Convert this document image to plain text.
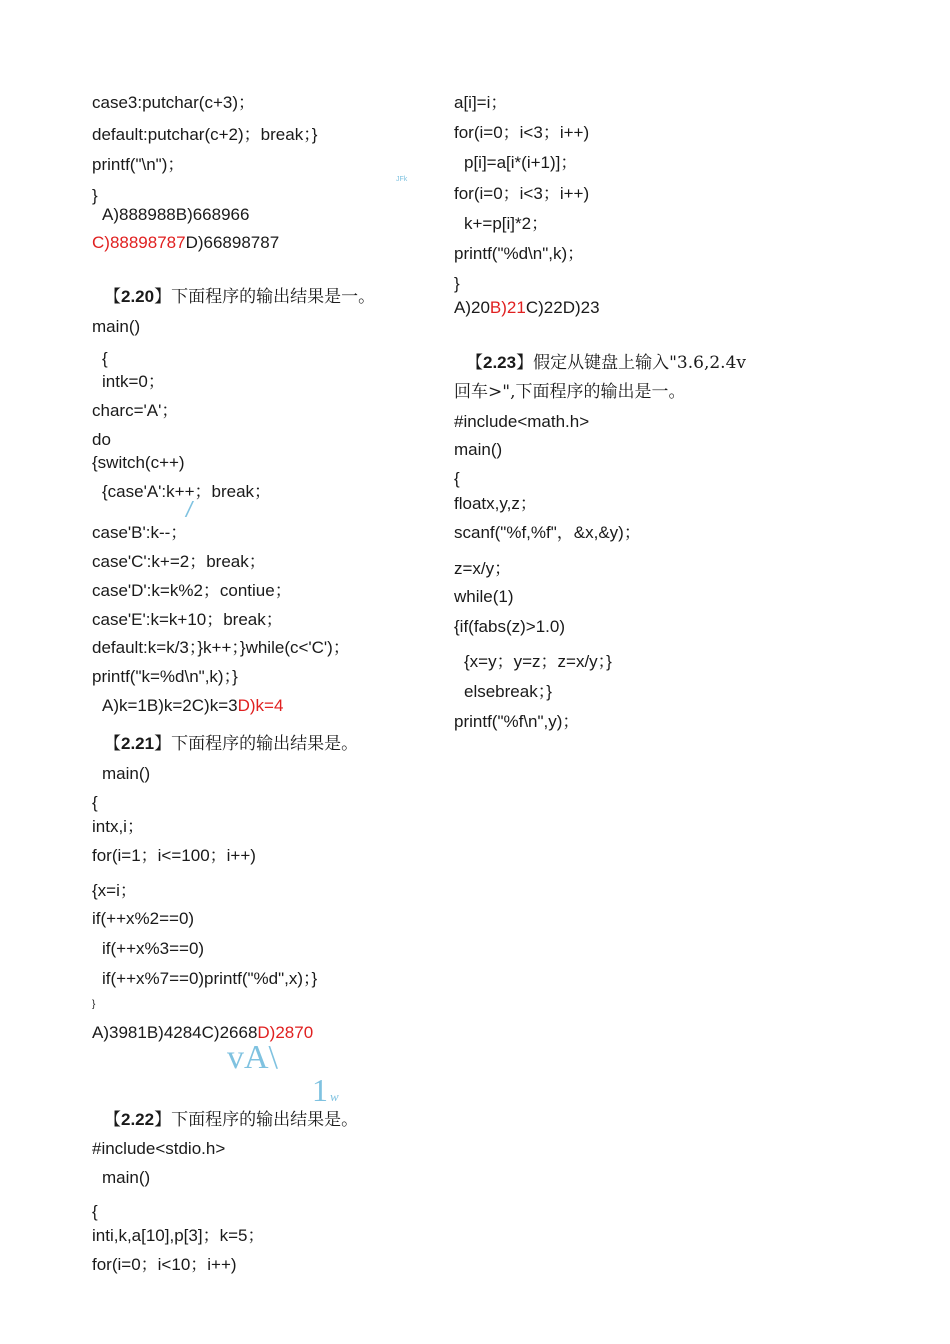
case3:putchar(c+3)；
default:putchar(c+2)；break；}
printf("\n")；
}
A)888988B)668966
C)88898787D)66898787
【2.20】下面程序的输出结果是一。
main()
{
intk=0；
charc='A'；
do
{switch(c++)
{case'A':k++；break；
case'B':k--；
case'C':k+=2；break；
case'D':k=k%2；contiue；
case'E':k=k+10；break；
default:k=k/3；}k++；}while(c<'C')；
printf("k=%d\n",k)；}
A)k=1B)k=2C)k=3D)k=4
【2.21】下面程序的输出结果是。
main()
{
intx,i；
for(i=1；i<=100；i++)
{x=i；
if(++x%2==0)
if(++x%3==0)
if(++x%7==0)printf("%d",x)；}
}
A)3981B)4284C)2668D)2870
【2.22】下面程序的输出结果是。
#include<stdio.h>
main()
{
inti,k,a[10],p[3]；k=5；
for(i=0；i<10；i++)
a[i]=i；
for(i=0；i<3；i++)
p[i]=a[i*(i+1)]；
for(i=0；i<3；i++)
k+=p[i]*2；
printf("%d\n",k)；
}
A)20B)21C)22D)23
【2.23】假定从键盘上输入"3.6,2.4v
回车>",下面程序的输出是一。
#include<math.h>
main()
{
floatx,y,z；
scanf("%f,%f"，&x,&y)；
z=x/y；
while(1)
{if(fabs(z)>1.0)
{x=y；y=z；z=x/y；}
elsebreak；}
printf("%f\n",y)；
JFk
/
vA\
1 w
